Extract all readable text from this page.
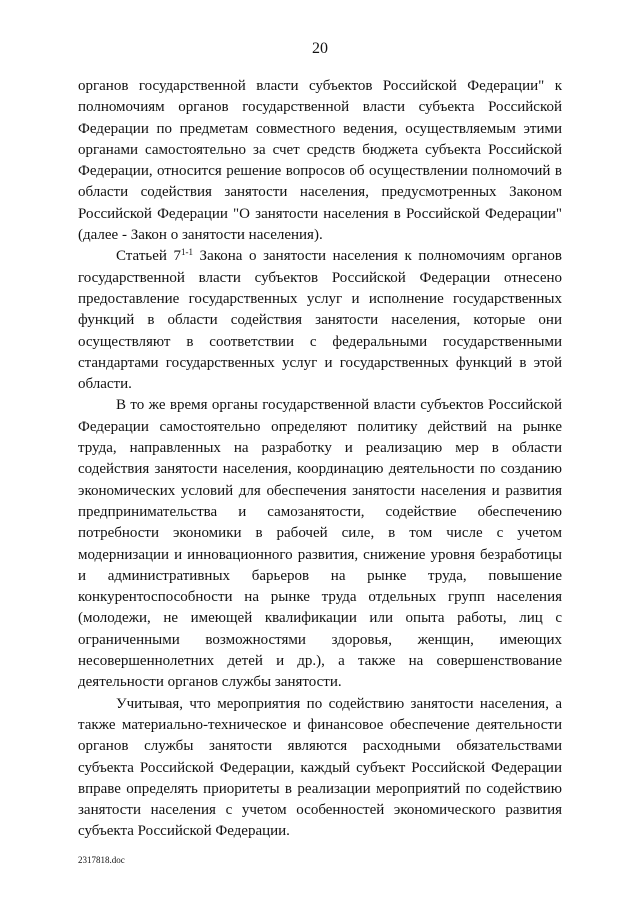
20

органов государственной власти субъектов Российской Федерации" к полномочиям органов государственной власти субъекта Российской Федерации по предметам совместного ведения, осуществляемым этими органами самостоятельно за счет средств бюджета субъекта Российской Федерации, относится решение вопросов об осуществлении полномочий в области содействия занятости населения, предусмотренных Законом Российской Федерации "О занятости населения в Российской Федерации" (далее - Закон о занятости населения).

Статьей 7$^{1-1}$ Закона о занятости населения к полномочиям органов государственной власти субъектов Российской Федерации отнесено предоставление государственных услуг и исполнение государственных функций в области содействия занятости населения, которые они осуществляют в соответствии с федеральными государственными стандартами государственных услуг и государственных функций в этой области.

В то же время органы государственной власти субъектов Российской Федерации самостоятельно определяют политику действий на рынке труда, направленных на разработку и реализацию мер в области содействия занятости населения, координацию деятельности по созданию экономических условий для обеспечения занятости населения и развития предпринимательства и самозанятости, содействие обеспечению потребности экономики в рабочей силе, в том числе с учетом модернизации и инновационного развития, снижение уровня безработицы и административных барьеров на рынке труда, повышение конкурентоспособности на рынке труда отдельных групп населения (молодежи, не имеющей квалификации или опыта работы, лиц с ограниченными возможностями здоровья, женщин, имеющих несовершеннолетних детей и др.), а также на совершенствование деятельности органов службы занятости.

Учитывая, что мероприятия по содействию занятости населения, а также материально-техническое и финансовое обеспечение деятельности органов службы занятости являются расходными обязательствами субъекта Российской Федерации, каждый субъект Российской Федерации вправе определять приоритеты в реализации мероприятий по содействию занятости населения с учетом особенностей экономического развития субъекта Российской Федерации.

2317818.doc
